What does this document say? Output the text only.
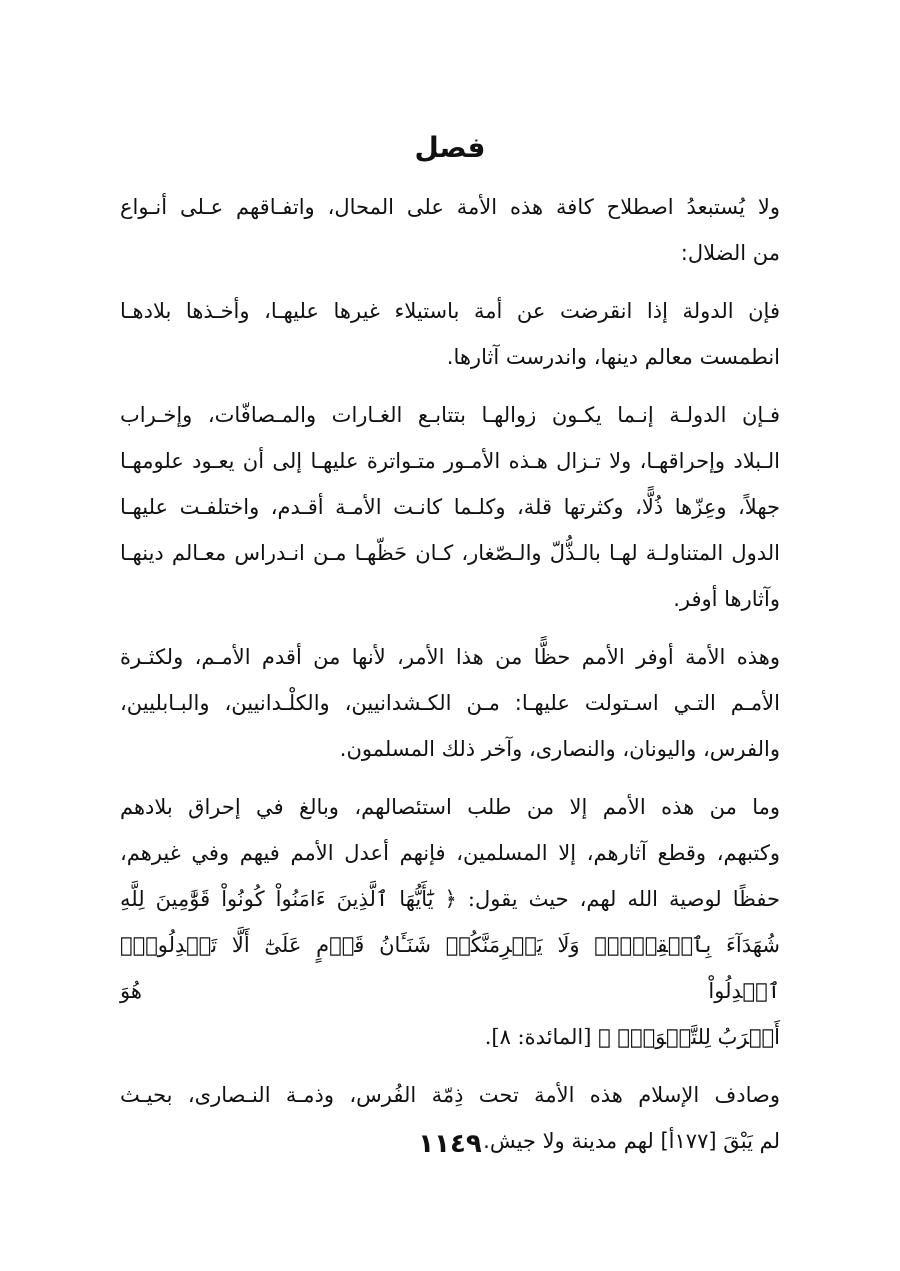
فصل
ولا يُستبعدُ اصطلاح كافة هذه الأمة على المحال، واتفـاقهم عـلى أنـواع
من الضلال:
فإن الدولة إذا انقرضت عن أمة باستيلاء غيرها عليهـا، وأخـذها بلادهـا
انطمست معالم دينها، واندرست آثارها.
فـإن الدولـة إنـما يكـون زوالهـا بتتابـع الغـارات والمـصافّات، وإخـراب
الـبلاد وإحراقهـا، ولا تـزال هـذه الأمـور متـواترة عليهـا إلى أن يعـود علومهـا
جهلاً، وعِزّها ذُلًّا، وكثرتها قلة، وكلـما كانـت الأمـة أقـدم، واختلفـت عليهـا
الدول المتناولـة لهـا بالـذُّلّ والـصّغار، كـان حَظّهـا مـن انـدراس معـالم دينهـا
وآثارها أوفر.
وهذه الأمة أوفر الأمم حظًّا من هذا الأمر، لأنها من أقدم الأمـم، ولكثـرة
الأمـم التـي اسـتولت عليهـا: مـن الكـشدانيين، والكلْـدانيين، والبـابليين،
والفرس، واليونان، والنصارى، وآخر ذلك المسلمون.
وما من هذه الأمم إلا من طلب استئصالهم، وبالغ في إحراق بلادهم
وكتبهم، وقطع آثارهم، إلا المسلمين، فإنهم أعدل الأمم فيهم وفي غيرهم،
حفظًا لوصية الله لهم، حيث يقول: ﴿ يَٰٓأَيُّهَا ٱلَّذِينَ ءَامَنُواْ كُونُواْ قَوَّٰمِينَ لِلَّهِ
شُهَدَآءَ بِٱلۡقِسۡطِۖ وَلَا يَجۡرِمَنَّكُمۡ شَنَـَٔانُ قَوۡمٍ عَلَىٰٓ أَلَّا تَعۡدِلُواْۚ ٱعۡدِلُواْ هُوَ
أَقۡرَبُ لِلتَّقۡوَىٰۖ ﴾ [المائدة: ٨].
وصادف الإسلام هذه الأمة تحت ذِمّة الفُرس، وذمـة النـصارى، بحيـث
لم يَبْقَ [١٧٧أ] لهم مدينة ولا جيش.
١١٤٩
